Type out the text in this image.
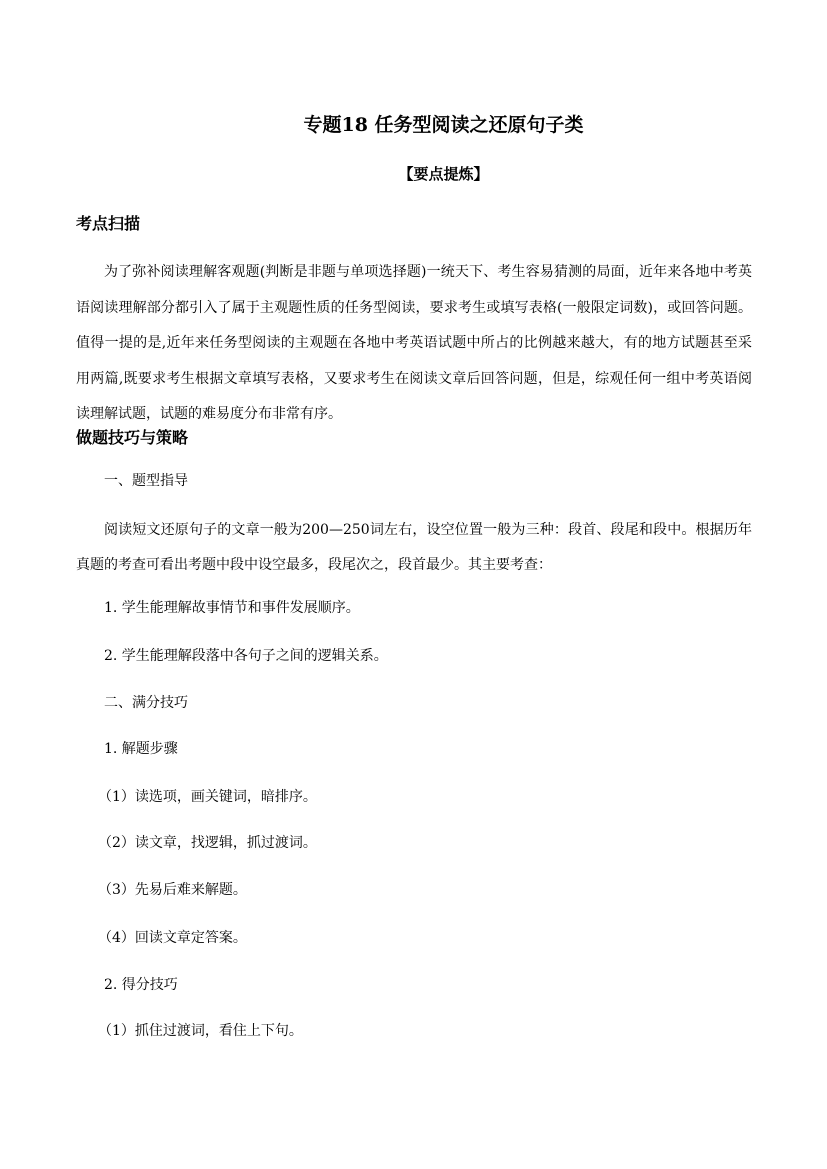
专题18 任务型阅读之还原句子类
【要点提炼】
考点扫描
为了弥补阅读理解客观题(判断是非题与单项选择题)一统天下、考生容易猜测的局面，近年来各地中考英语阅读理解部分都引入了属于主观题性质的任务型阅读，要求考生或填写表格(一般限定词数)，或回答问题。值得一提的是,近年来任务型阅读的主观题在各地中考英语试题中所占的比例越来越大，有的地方试题甚至采用两篇,既要求考生根据文章填写表格，又要求考生在阅读文章后回答问题，但是，综观任何一组中考英语阅读理解试题，试题的难易度分布非常有序。
做题技巧与策略
一、题型指导
阅读短文还原句子的文章一般为200—250词左右，设空位置一般为三种：段首、段尾和段中。根据历年真题的考查可看出考题中段中设空最多，段尾次之，段首最少。其主要考查：
1. 学生能理解故事情节和事件发展顺序。
2. 学生能理解段落中各句子之间的逻辑关系。
二、满分技巧
1. 解题步骤
（1）读选项，画关键词，暗排序。
（2）读文章，找逻辑，抓过渡词。
（3）先易后难来解题。
（4）回读文章定答案。
2. 得分技巧
（1）抓住过渡词，看住上下句。
